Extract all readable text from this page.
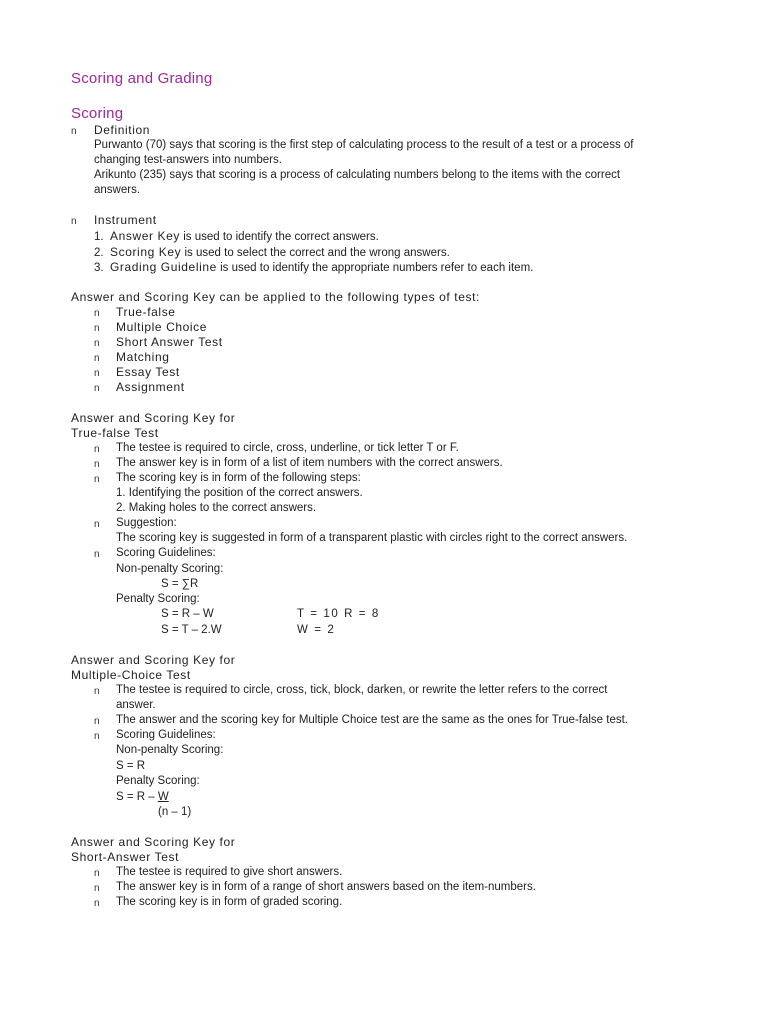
Scoring and Grading
Scoring
n Definition
Purwanto (70) says that scoring is the first step of calculating process to the result of a test or a process of
changing test-answers into numbers.
Arikunto (235) says that scoring is a process of calculating numbers belong to the items with the correct
answers.
n Instrument
1. Answer Key is used to identify the correct answers.
2. Scoring Key is used to select the correct and the wrong answers.
3. Grading Guideline is used to identify the appropriate numbers refer to each item.
Answer and Scoring Key can be applied to the following types of test:
n True-false
n Multiple Choice
n Short Answer Test
n Matching
n Essay Test
n Assignment
Answer and Scoring Key for
True-false Test
n The testee is required to circle, cross, underline, or tick letter T or F.
n The answer key is in form of a list of item numbers with the correct answers.
n The scoring key is in form of the following steps:
1. Identifying the position of the correct answers.
2. Making holes to the correct answers.
n Suggestion:
The scoring key is suggested in form of a transparent plastic with circles right to the correct answers.
n Scoring Guidelines:
Non-penalty Scoring:
S = ∑R
Penalty Scoring:
S = R – W	T = 10 R = 8
S = T – 2.W	W = 2
Answer and Scoring Key for
Multiple-Choice Test
n The testee is required to circle, cross, tick, block, darken, or rewrite the letter refers to the correct
answer.
n The answer and the scoring key for Multiple Choice test are the same as the ones for True-false test.
n Scoring Guidelines:
Non-penalty Scoring:
S = R
Penalty Scoring:
S = R – W
(n – 1)
Answer and Scoring Key for
Short-Answer Test
n The testee is required to give short answers.
n The answer key is in form of a range of short answers based on the item-numbers.
n The scoring key is in form of graded scoring.
